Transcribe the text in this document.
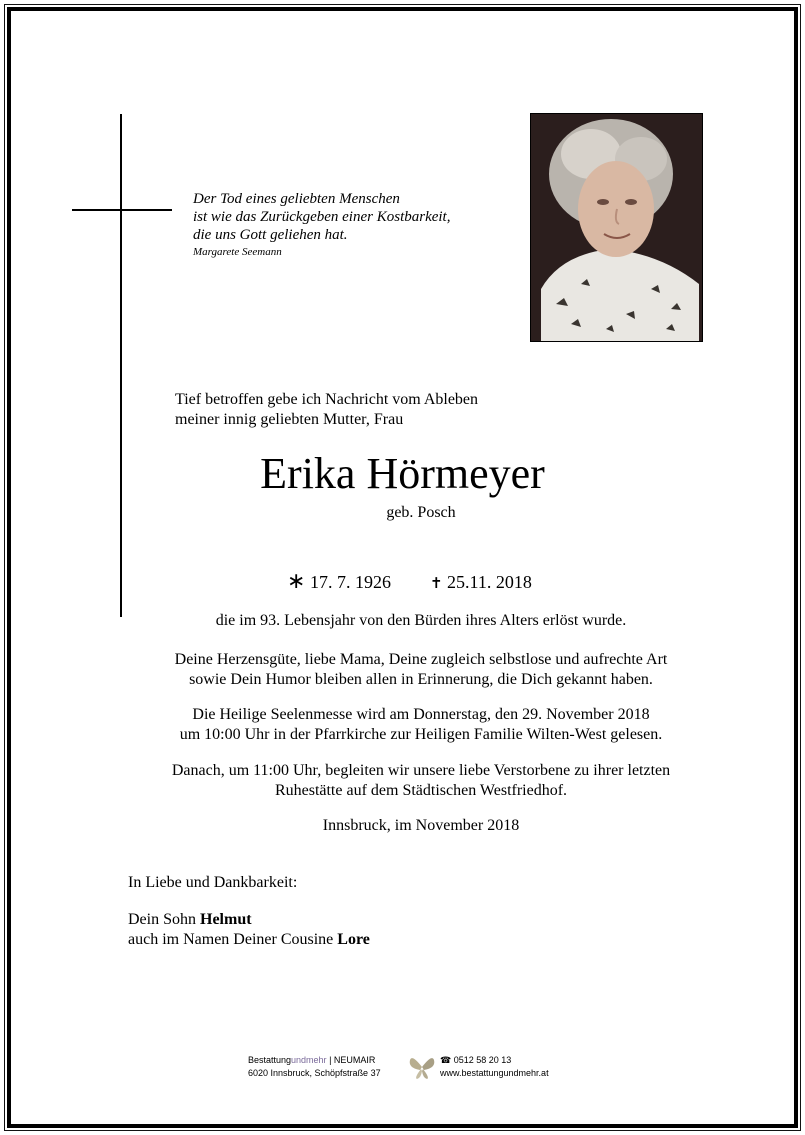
Der Tod eines geliebten Menschen
ist wie das Zurückgeben einer Kostbarkeit,
die uns Gott geliehen hat.
Margarete Seemann
Tief betroffen gebe ich Nachricht vom Ableben
meiner innig geliebten Mutter, Frau
Erika Hörmeyer
geb. Posch
∗ 17. 7. 1926	✝ 25.11. 2018
die im 93. Lebensjahr von den Bürden ihres Alters erlöst wurde.
Deine Herzensgüte, liebe Mama, Deine zugleich selbstlose und aufrechte Art
sowie Dein Humor bleiben allen in Erinnerung, die Dich gekannt haben.
Die Heilige Seelenmesse wird am Donnerstag, den 29. November 2018
um 10:00 Uhr in der Pfarrkirche zur Heiligen Familie Wilten-West gelesen.
Danach, um 11:00 Uhr, begleiten wir unsere liebe Verstorbene zu ihrer letzten
Ruhestätte auf dem Städtischen Westfriedhof.
Innsbruck, im November 2018
In Liebe und Dankbarkeit:
Dein Sohn Helmut
auch im Namen Deiner Cousine Lore
Bestattungundmehr | NEUMAIR
6020 Innsbruck, Schöpfstraße 37
☎ 0512 58 20 13
www.bestattungundmehr.at
